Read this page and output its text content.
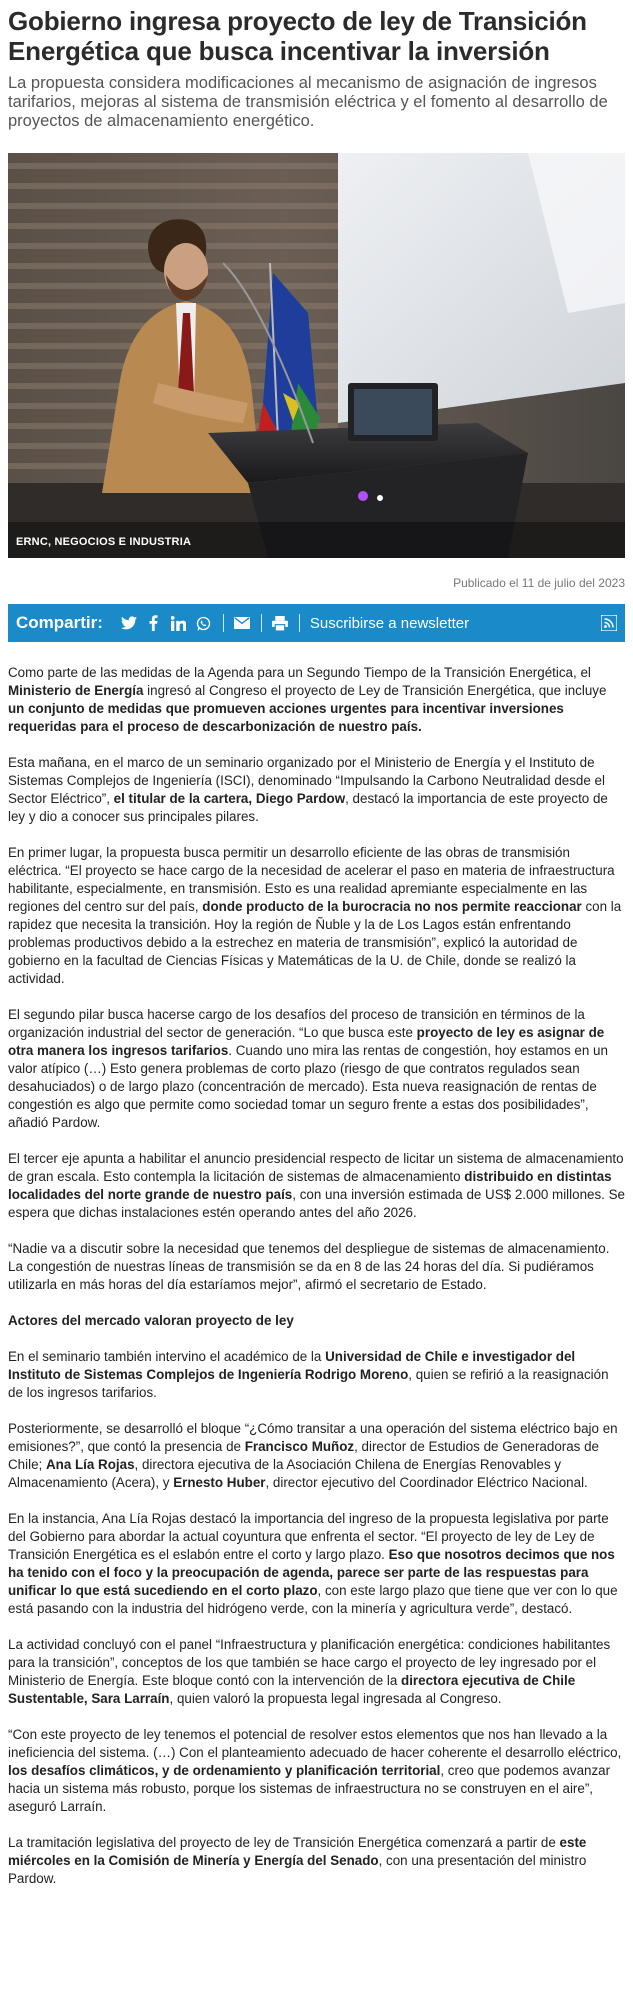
Gobierno ingresa proyecto de ley de Transición Energética que busca incentivar la inversión
La propuesta considera modificaciones al mecanismo de asignación de ingresos tarifarios, mejoras al sistema de transmisión eléctrica y el fomento al desarrollo de proyectos de almacenamiento energético.
ERNC, NEGOCIOS E INDUSTRIA
Publicado el 11 de julio del 2023
Compartir:	Suscribirse a newsletter

Como parte de las medidas de la Agenda para un Segundo Tiempo de la Transición Energética, el Ministerio de Energía ingresó al Congreso el proyecto de Ley de Transición Energética, que incluye un conjunto de medidas que promueven acciones urgentes para incentivar inversiones requeridas para el proceso de descarbonización de nuestro país.

Esta mañana, en el marco de un seminario organizado por el Ministerio de Energía y el Instituto de Sistemas Complejos de Ingeniería (ISCI), denominado “Impulsando la Carbono Neutralidad desde el Sector Eléctrico”, el titular de la cartera, Diego Pardow, destacó la importancia de este proyecto de ley y dio a conocer sus principales pilares.

En primer lugar, la propuesta busca permitir un desarrollo eficiente de las obras de transmisión eléctrica. “El proyecto se hace cargo de la necesidad de acelerar el paso en materia de infraestructura habilitante, especialmente, en transmisión. Esto es una realidad apremiante especialmente en las regiones del centro sur del país, donde producto de la burocracia no nos permite reaccionar con la rapidez que necesita la transición. Hoy la región de Ñuble y la de Los Lagos están enfrentando problemas productivos debido a la estrechez en materia de transmisión”, explicó la autoridad de gobierno en la facultad de Ciencias Físicas y Matemáticas de la U. de Chile, donde se realizó la actividad.

El segundo pilar busca hacerse cargo de los desafíos del proceso de transición en términos de la organización industrial del sector de generación. “Lo que busca este proyecto de ley es asignar de otra manera los ingresos tarifarios. Cuando uno mira las rentas de congestión, hoy estamos en un valor atípico (…) Esto genera problemas de corto plazo (riesgo de que contratos regulados sean desahuciados) o de largo plazo (concentración de mercado). Esta nueva reasignación de rentas de congestión es algo que permite como sociedad tomar un seguro frente a estas dos posibilidades”, añadió Pardow.

El tercer eje apunta a habilitar el anuncio presidencial respecto de licitar un sistema de almacenamiento de gran escala. Esto contempla la licitación de sistemas de almacenamiento distribuido en distintas localidades del norte grande de nuestro país, con una inversión estimada de US$ 2.000 millones. Se espera que dichas instalaciones estén operando antes del año 2026.

“Nadie va a discutir sobre la necesidad que tenemos del despliegue de sistemas de almacenamiento. La congestión de nuestras líneas de transmisión se da en 8 de las 24 horas del día. Si pudiéramos utilizarla en más horas del día estaríamos mejor”, afirmó el secretario de Estado.

Actores del mercado valoran proyecto de ley

En el seminario también intervino el académico de la Universidad de Chile e investigador del Instituto de Sistemas Complejos de Ingeniería Rodrigo Moreno, quien se refirió a la reasignación de los ingresos tarifarios.

Posteriormente, se desarrolló el bloque “¿Cómo transitar a una operación del sistema eléctrico bajo en emisiones?”, que contó la presencia de Francisco Muñoz, director de Estudios de Generadoras de Chile; Ana Lía Rojas, directora ejecutiva de la Asociación Chilena de Energías Renovables y Almacenamiento (Acera), y Ernesto Huber, director ejecutivo del Coordinador Eléctrico Nacional.

En la instancia, Ana Lía Rojas destacó la importancia del ingreso de la propuesta legislativa por parte del Gobierno para abordar la actual coyuntura que enfrenta el sector. “El proyecto de ley de Ley de Transición Energética es el eslabón entre el corto y largo plazo. Eso que nosotros decimos que nos ha tenido con el foco y la preocupación de agenda, parece ser parte de las respuestas para unificar lo que está sucediendo en el corto plazo, con este largo plazo que tiene que ver con lo que está pasando con la industria del hidrógeno verde, con la minería y agricultura verde”, destacó.

La actividad concluyó con el panel “Infraestructura y planificación energética: condiciones habilitantes para la transición”, conceptos de los que también se hace cargo el proyecto de ley ingresado por el Ministerio de Energía. Este bloque contó con la intervención de la directora ejecutiva de Chile Sustentable, Sara Larraín, quien valoró la propuesta legal ingresada al Congreso.

“Con este proyecto de ley tenemos el potencial de resolver estos elementos que nos han llevado a la ineficiencia del sistema. (…) Con el planteamiento adecuado de hacer coherente el desarrollo eléctrico, los desafíos climáticos, y de ordenamiento y planificación territorial, creo que podemos avanzar hacia un sistema más robusto, porque los sistemas de infraestructura no se construyen en el aire”, aseguró Larraín.

La tramitación legislativa del proyecto de ley de Transición Energética comenzará a partir de este miércoles en la Comisión de Minería y Energía del Senado, con una presentación del ministro Pardow.
